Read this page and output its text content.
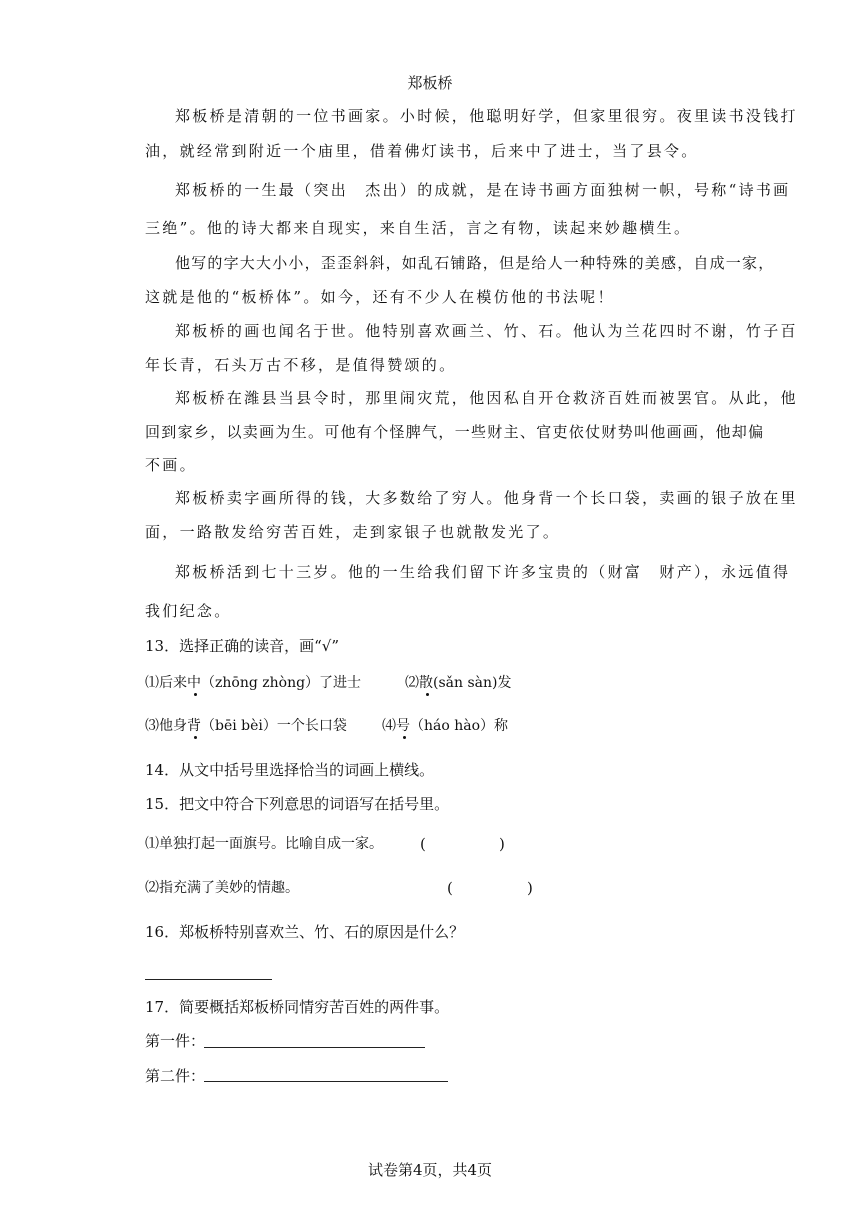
郑板桥
郑板桥是清朝的一位书画家。小时候，他聪明好学，但家里很穷。夜里读书没钱打
油，就经常到附近一个庙里，借着佛灯读书，后来中了进士，当了县令。
郑板桥的一生最（突出　杰出）的成就，是在诗书画方面独树一帜，号称“诗书画
三绝”。他的诗大都来自现实，来自生活，言之有物，读起来妙趣横生。
他写的字大大小小，歪歪斜斜，如乱石铺路，但是给人一种特殊的美感，自成一家，
这就是他的“板桥体”。如今，还有不少人在模仿他的书法呢！
郑板桥的画也闻名于世。他特别喜欢画兰、竹、石。他认为兰花四时不谢，竹子百
年长青，石头万古不移，是值得赞颂的。
郑板桥在潍县当县令时，那里闹灾荒，他因私自开仓救济百姓而被罢官。从此，他
回到家乡，以卖画为生。可他有个怪脾气，一些财主、官吏依仗财势叫他画画，他却偏
不画。
郑板桥卖字画所得的钱，大多数给了穷人。他身背一个长口袋，卖画的银子放在里
面，一路散发给穷苦百姓，走到家银子也就散发光了。
郑板桥活到七十三岁。他的一生给我们留下许多宝贵的（财富　财产），永远值得
我们纪念。
13．选择正确的读音，画“√”
⑴后来中（zhōng zhòng）了进士	⑵散(sǎn sàn)发
⑶他身背（bēi bèi）一个长口袋	⑷号（háo hào）称
14．从文中括号里选择恰当的词画上横线。
15．把文中符合下列意思的词语写在括号里。
⑴单独打起一面旗号。比喻自成一家。 (	)
⑵指充满了美妙的情趣。	(	)
16．郑板桥特别喜欢兰、竹、石的原因是什么？
17．简要概括郑板桥同情穷苦百姓的两件事。
第一件：
第二件：
试卷第4页，共4页
